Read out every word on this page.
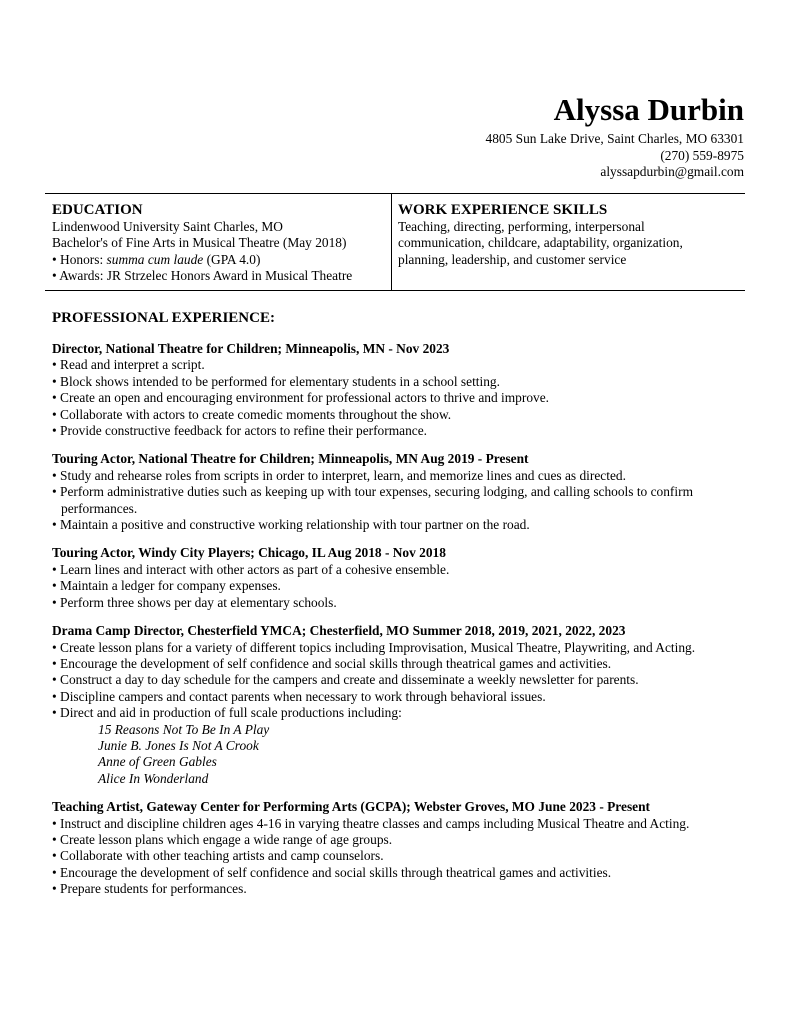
Alyssa Durbin
4805 Sun Lake Drive, Saint Charles, MO 63301
(270) 559-8975
alyssapdurbin@gmail.com
EDUCATION
Lindenwood University Saint Charles, MO
Bachelor's of Fine Arts in Musical Theatre (May 2018)
• Honors: summa cum laude (GPA 4.0)
• Awards: JR Strzelec Honors Award in Musical Theatre
WORK EXPERIENCE SKILLS
Teaching, directing, performing, interpersonal
communication, childcare, adaptability, organization,
planning, leadership, and customer service
PROFESSIONAL EXPERIENCE:
Director, National Theatre for Children; Minneapolis, MN - Nov 2023
• Read and interpret a script.
• Block shows intended to be performed for elementary students in a school setting.
• Create an open and encouraging environment for professional actors to thrive and improve.
• Collaborate with actors to create comedic moments throughout the show.
• Provide constructive feedback for actors to refine their performance.
Touring Actor, National Theatre for Children; Minneapolis, MN Aug 2019 - Present
• Study and rehearse roles from scripts in order to interpret, learn, and memorize lines and cues as directed.
• Perform administrative duties such as keeping up with tour expenses, securing lodging, and calling schools to confirm performances.
• Maintain a positive and constructive working relationship with tour partner on the road.
Touring Actor, Windy City Players; Chicago, IL Aug 2018 - Nov 2018
• Learn lines and interact with other actors as part of a cohesive ensemble.
• Maintain a ledger for company expenses.
• Perform three shows per day at elementary schools.
Drama Camp Director, Chesterfield YMCA; Chesterfield, MO Summer 2018, 2019, 2021, 2022, 2023
• Create lesson plans for a variety of different topics including Improvisation, Musical Theatre, Playwriting, and Acting.
• Encourage the development of self confidence and social skills through theatrical games and activities.
• Construct a day to day schedule for the campers and create and disseminate a weekly newsletter for parents.
• Discipline campers and contact parents when necessary to work through behavioral issues.
• Direct and aid in production of full scale productions including:
15 Reasons Not To Be In A Play
Junie B. Jones Is Not A Crook
Anne of Green Gables
Alice In Wonderland
Teaching Artist, Gateway Center for Performing Arts (GCPA); Webster Groves, MO June 2023 - Present
• Instruct and discipline children ages 4-16 in varying theatre classes and camps including Musical Theatre and Acting.
• Create lesson plans which engage a wide range of age groups.
• Collaborate with other teaching artists and camp counselors.
• Encourage the development of self confidence and social skills through theatrical games and activities.
• Prepare students for performances.
